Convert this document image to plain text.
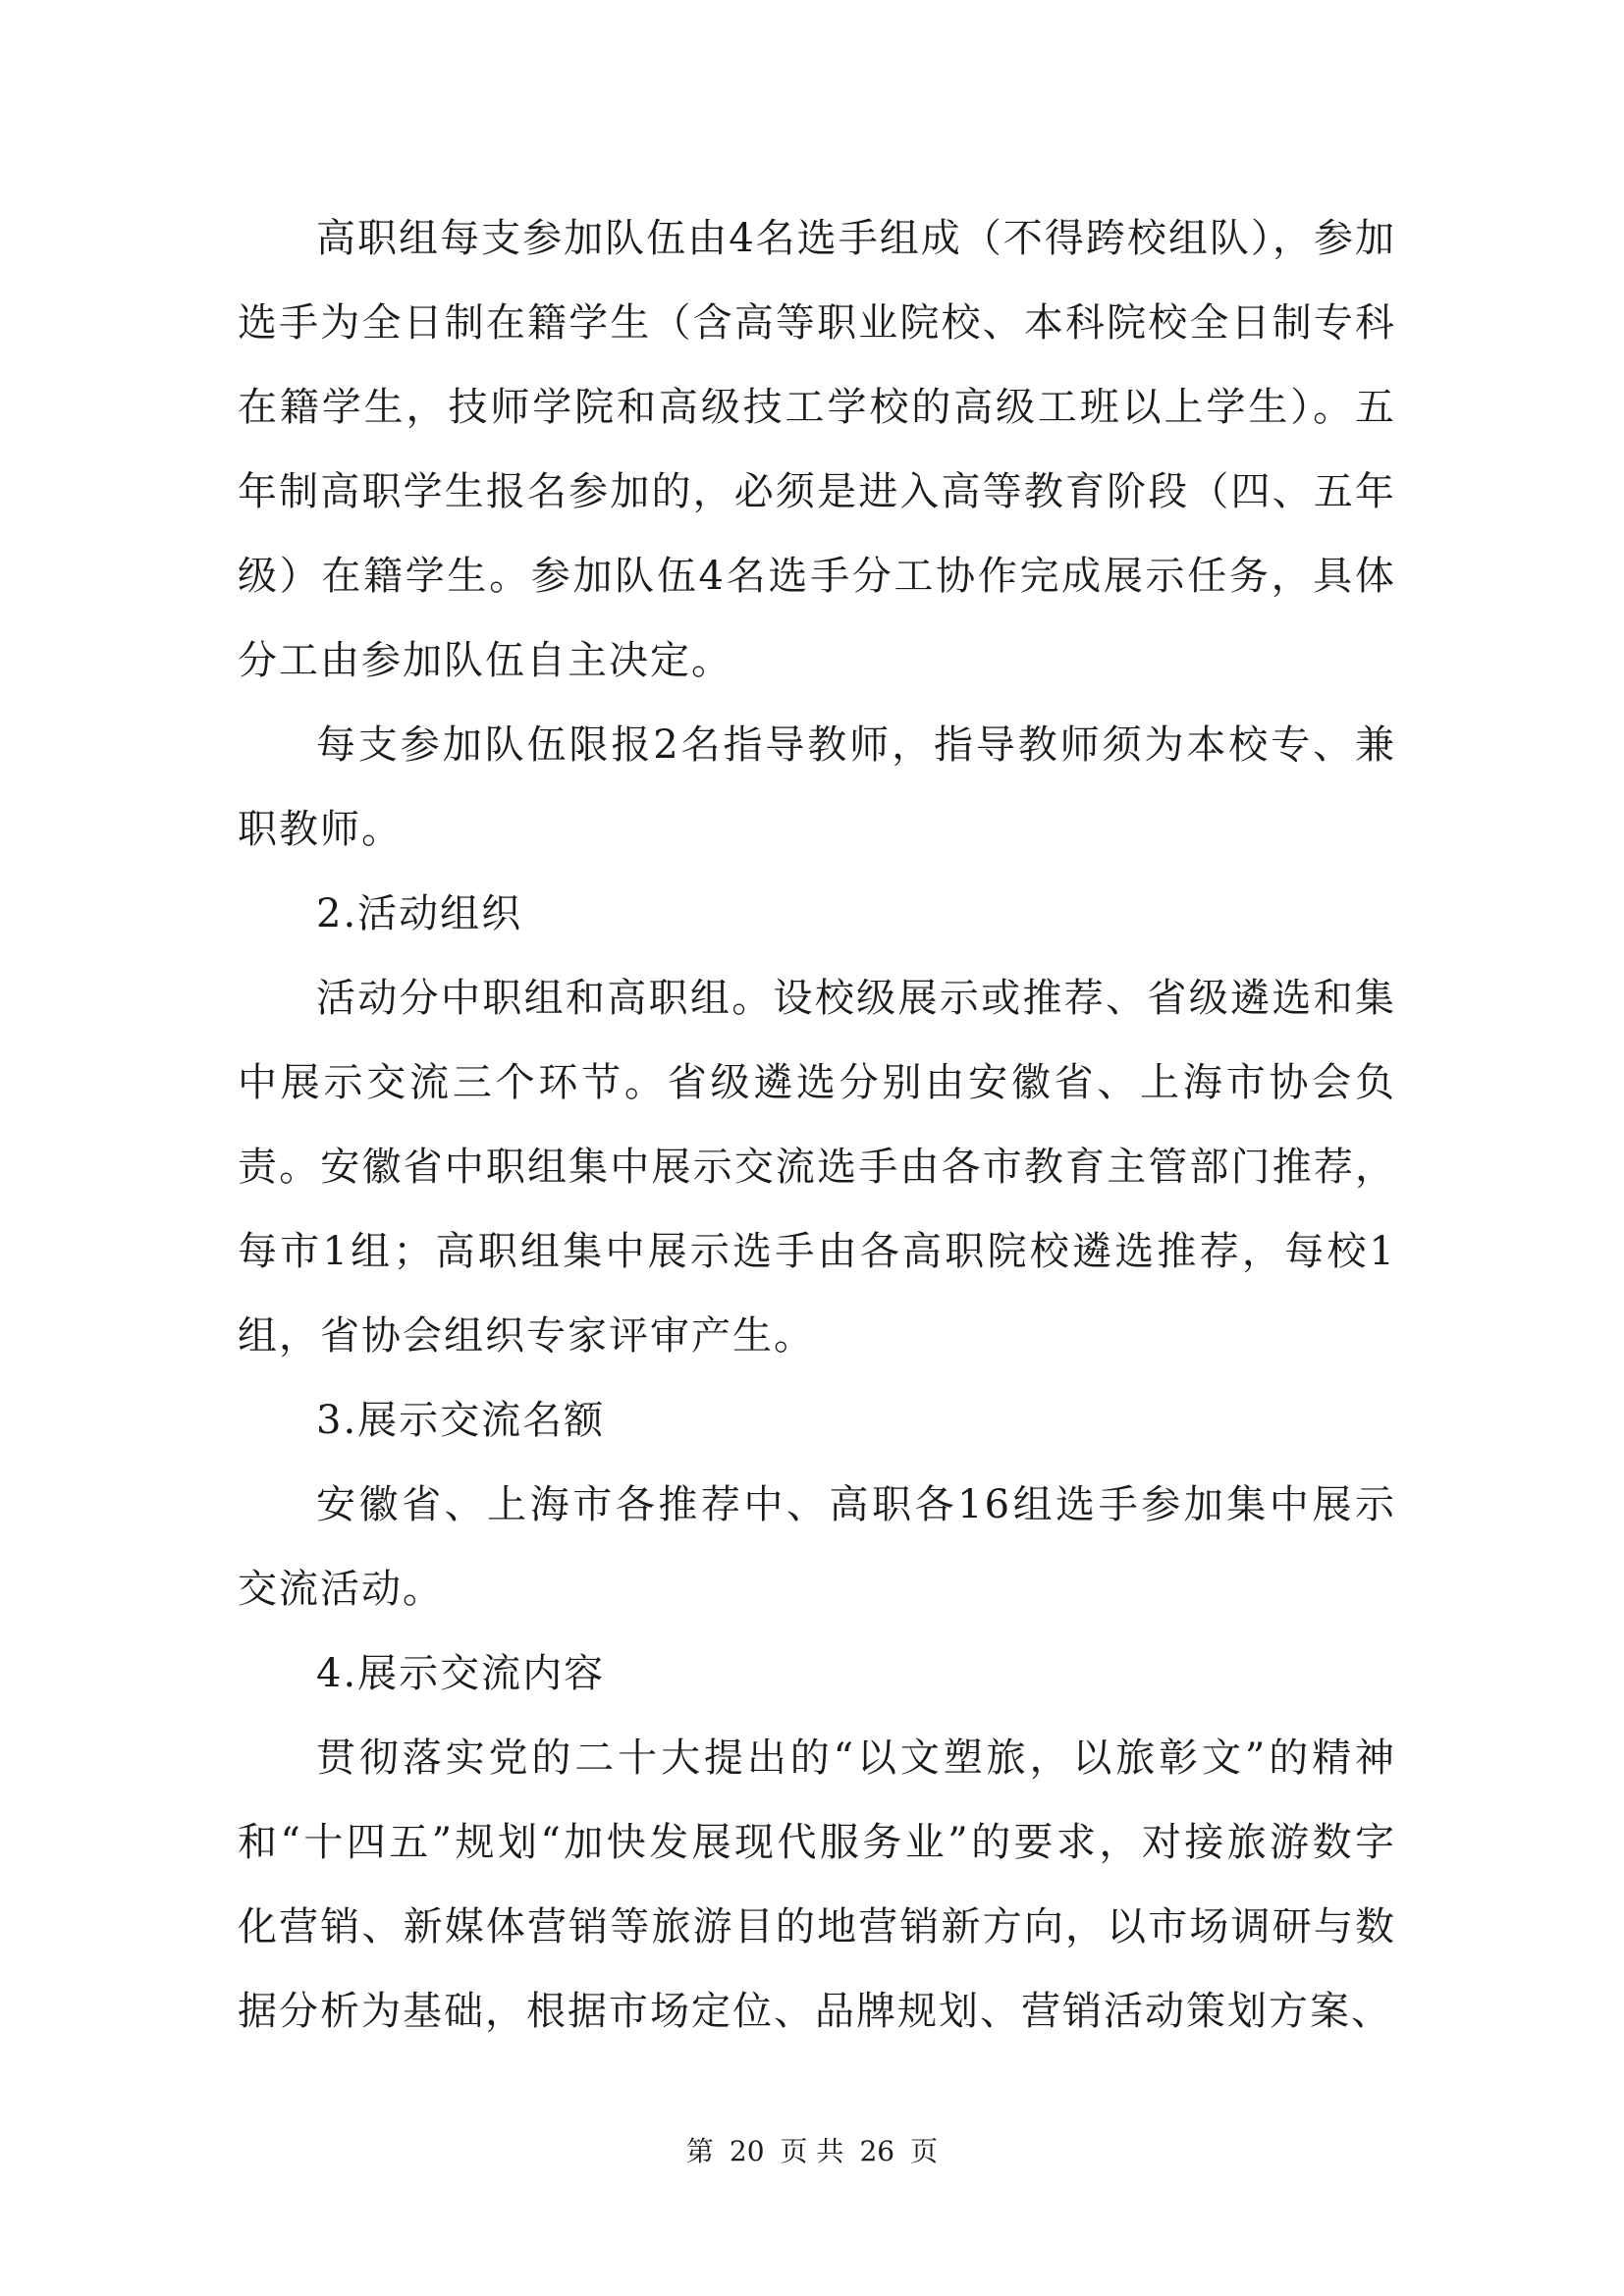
高职组每支参加队伍由4名选手组成（不得跨校组队），参加选手为全日制在籍学生（含高等职业院校、本科院校全日制专科在籍学生，技师学院和高级技工学校的高级工班以上学生）。五年制高职学生报名参加的，必须是进入高等教育阶段（四、五年级）在籍学生。参加队伍4名选手分工协作完成展示任务，具体分工由参加队伍自主决定。

每支参加队伍限报2名指导教师，指导教师须为本校专、兼职教师。

2.活动组织

活动分中职组和高职组。设校级展示或推荐、省级遴选和集中展示交流三个环节。省级遴选分别由安徽省、上海市协会负责。安徽省中职组集中展示交流选手由各市教育主管部门推荐，每市1组；高职组集中展示选手由各高职院校遴选推荐，每校1组，省协会组织专家评审产生。

3.展示交流名额

安徽省、上海市各推荐中、高职各16组选手参加集中展示交流活动。

4.展示交流内容

贯彻落实党的二十大提出的“以文塑旅，以旅彰文”的精神和“十四五”规划“加快发展现代服务业”的要求，对接旅游数字化营销、新媒体营销等旅游目的地营销新方向，以市场调研与数据分析为基础，根据市场定位、品牌规划、营销活动策划方案、

第 20 页 共 26 页
